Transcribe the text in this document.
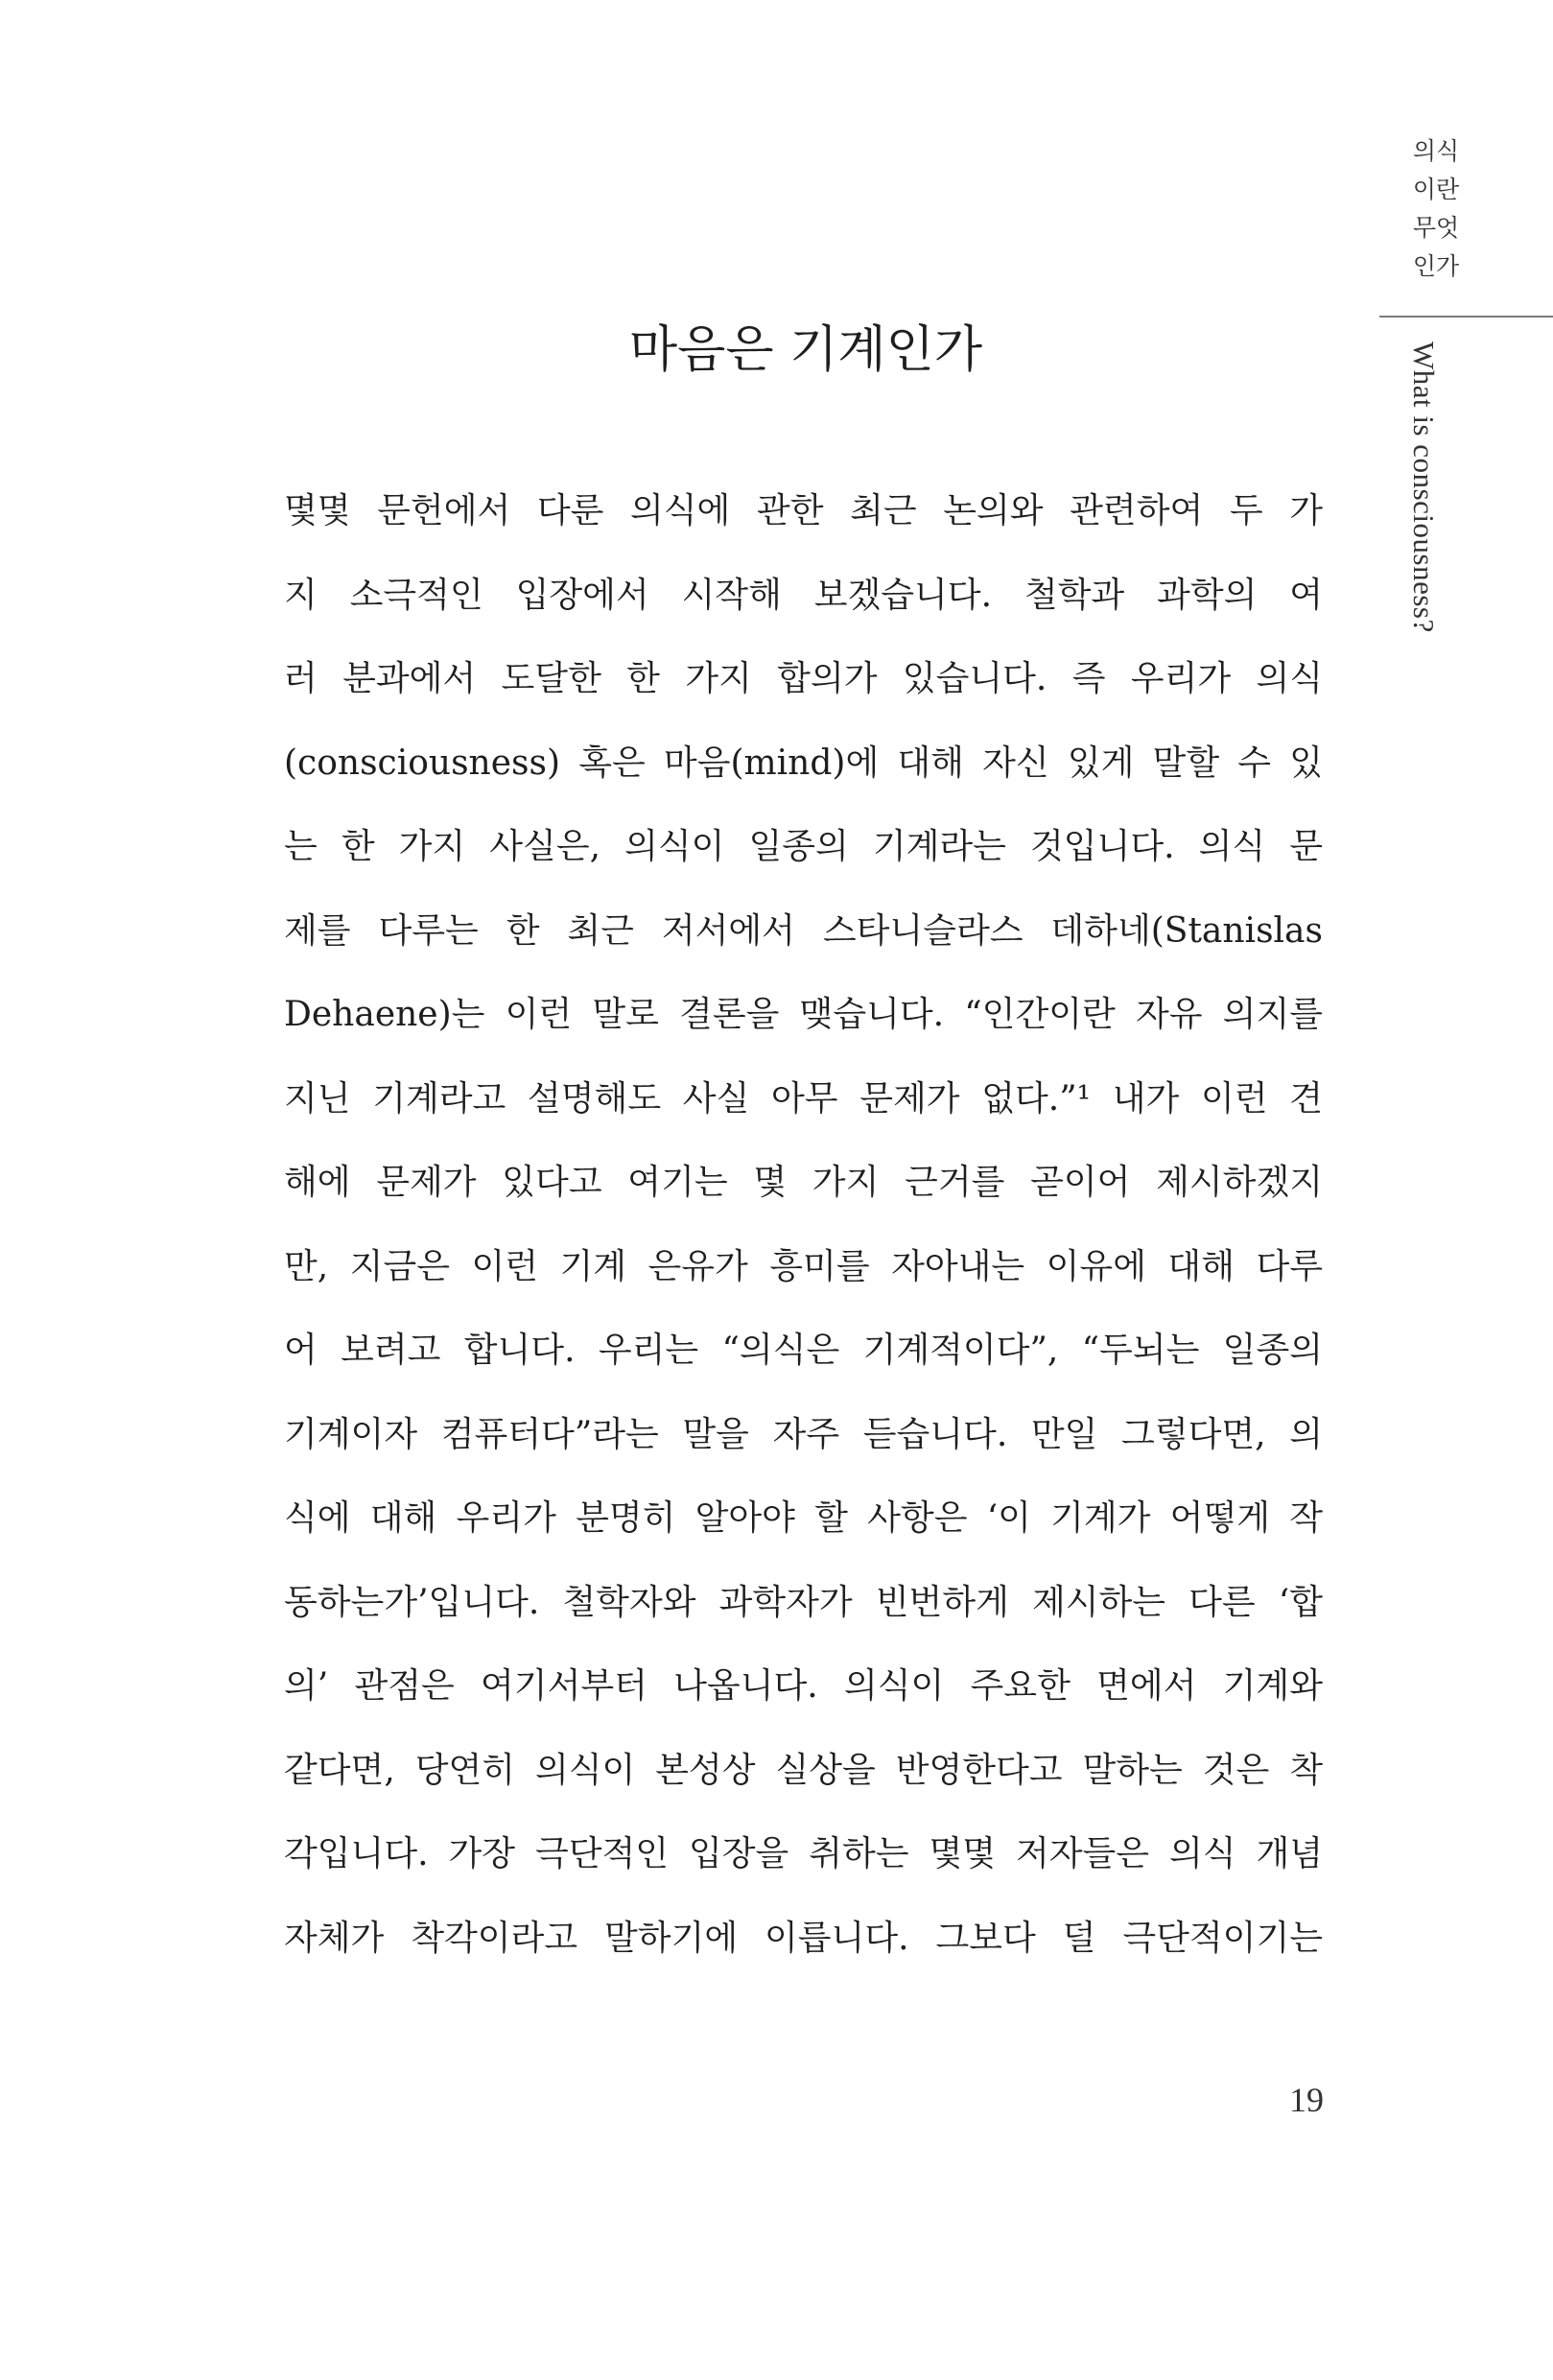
의식
이란
무엇
인가
What is consciousness?
마음은 기계인가
몇몇 문헌에서 다룬 의식에 관한 최근 논의와 관련하여 두 가
지 소극적인 입장에서 시작해 보겠습니다. 철학과 과학의 여
러 분과에서 도달한 한 가지 합의가 있습니다. 즉 우리가 의식
(consciousness) 혹은 마음(mind)에 대해 자신 있게 말할 수 있
는 한 가지 사실은, 의식이 일종의 기계라는 것입니다. 의식 문
제를 다루는 한 최근 저서에서 스타니슬라스 데하네(Stanislas
Dehaene)는 이런 말로 결론을 맺습니다. “인간이란 자유 의지를
지닌 기계라고 설명해도 사실 아무 문제가 없다.”¹ 내가 이런 견
해에 문제가 있다고 여기는 몇 가지 근거를 곧이어 제시하겠지
만, 지금은 이런 기계 은유가 흥미를 자아내는 이유에 대해 다루
어 보려고 합니다. 우리는 “의식은 기계적이다”, “두뇌는 일종의
기계이자 컴퓨터다”라는 말을 자주 듣습니다. 만일 그렇다면, 의
식에 대해 우리가 분명히 알아야 할 사항은 ‘이 기계가 어떻게 작
동하는가’입니다. 철학자와 과학자가 빈번하게 제시하는 다른 ‘합
의’ 관점은 여기서부터 나옵니다. 의식이 주요한 면에서 기계와
같다면, 당연히 의식이 본성상 실상을 반영한다고 말하는 것은 착
각입니다. 가장 극단적인 입장을 취하는 몇몇 저자들은 의식 개념
자체가 착각이라고 말하기에 이릅니다. 그보다 덜 극단적이기는
19
